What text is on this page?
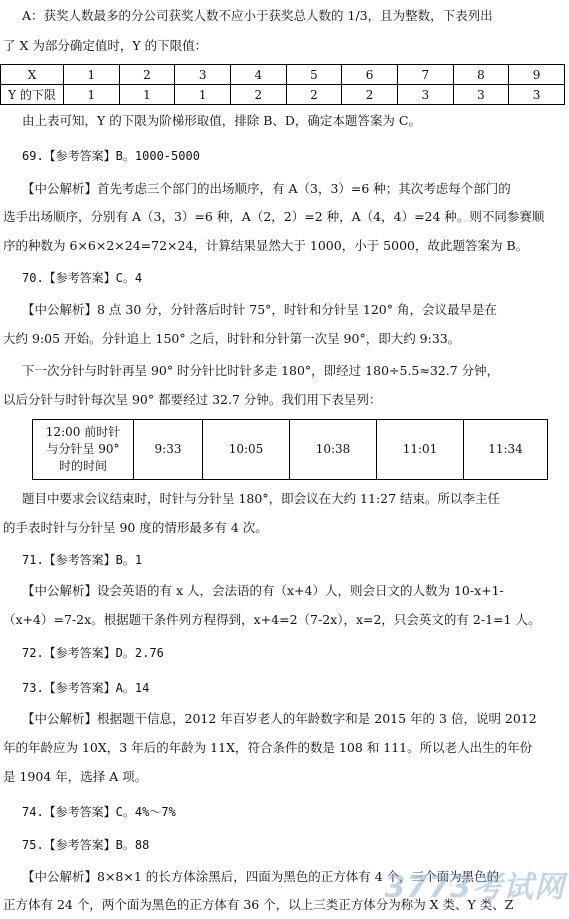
A：获奖人数最多的分公司获奖人数不应小于获奖总人数的 1/3，且为整数，下表列出
了 X 为部分确定值时，Y 的下限值：
X	1	2	3	4	5	6	7	8	9
Y 的下限	1	1	1	2	2	2	3	3	3
由上表可知，Y 的下限为阶梯形取值，排除 B、D，确定本题答案为 C。
69.【参考答案】B。1000-5000
【中公解析】首先考虑三个部门的出场顺序，有 A（3，3）=6 种；其次考虑每个部门的
选手出场顺序，分别有 A（3，3）=6 种，A（2，2）=2 种，A（4，4）=24 种。则不同参赛顺
序的种数为 6×6×2×24=72×24，计算结果显然大于 1000，小于 5000，故此题答案为 B。
70.【参考答案】C。4
【中公解析】8 点 30 分，分针落后时针 75°，时针和分针呈 120° 角，会议最早是在
大约 9:05 开始。分针追上 150° 之后，时针和分针第一次呈 90°，即大约 9:33。
下一次分针与时针再呈 90° 时分针比时针多走 180°，即经过 180÷5.5≈32.7 分钟，
以后分针与时针每次呈 90° 都要经过 32.7 分钟。我们用下表呈列：
12:00 前时针
与分针呈 90°
时的时间
	9:33	10:05	10:38	11:01	11:34
题目中要求会议结束时，时针与分针呈 180°，即会议在大约 11:27 结束。所以李主任
的手表时针与分针呈 90 度的情形最多有 4 次。
71.【参考答案】B。1
【中公解析】设会英语的有 x 人，会法语的有（x+4）人，则会日文的人数为 10-x+1-
（x+4）=7-2x。根据题干条件列方程得到，x+4=2（7-2x），x=2，只会英文的有 2-1=1 人。
72.【参考答案】D。2.76
73.【参考答案】A。14
【中公解析】根据题干信息，2012 年百岁老人的年龄数字和是 2015 年的 3 倍，说明 2012
年的年龄应为 10X，3 年后的年龄为 11X，符合条件的数是 108 和 111。所以老人出生的年份
是 1904 年，选择 A 项。
74.【参考答案】C。4%～7%
75.【参考答案】B。88
【中公解析】8×8×1 的长方体涂黑后，四面为黑色的正方体有 4 个，三个面为黑色的
正方体有 24 个，两个面为黑色的正方体有 36 个，以上三类正方体分为称为 X 类、Y 类、Z
3773考试网
